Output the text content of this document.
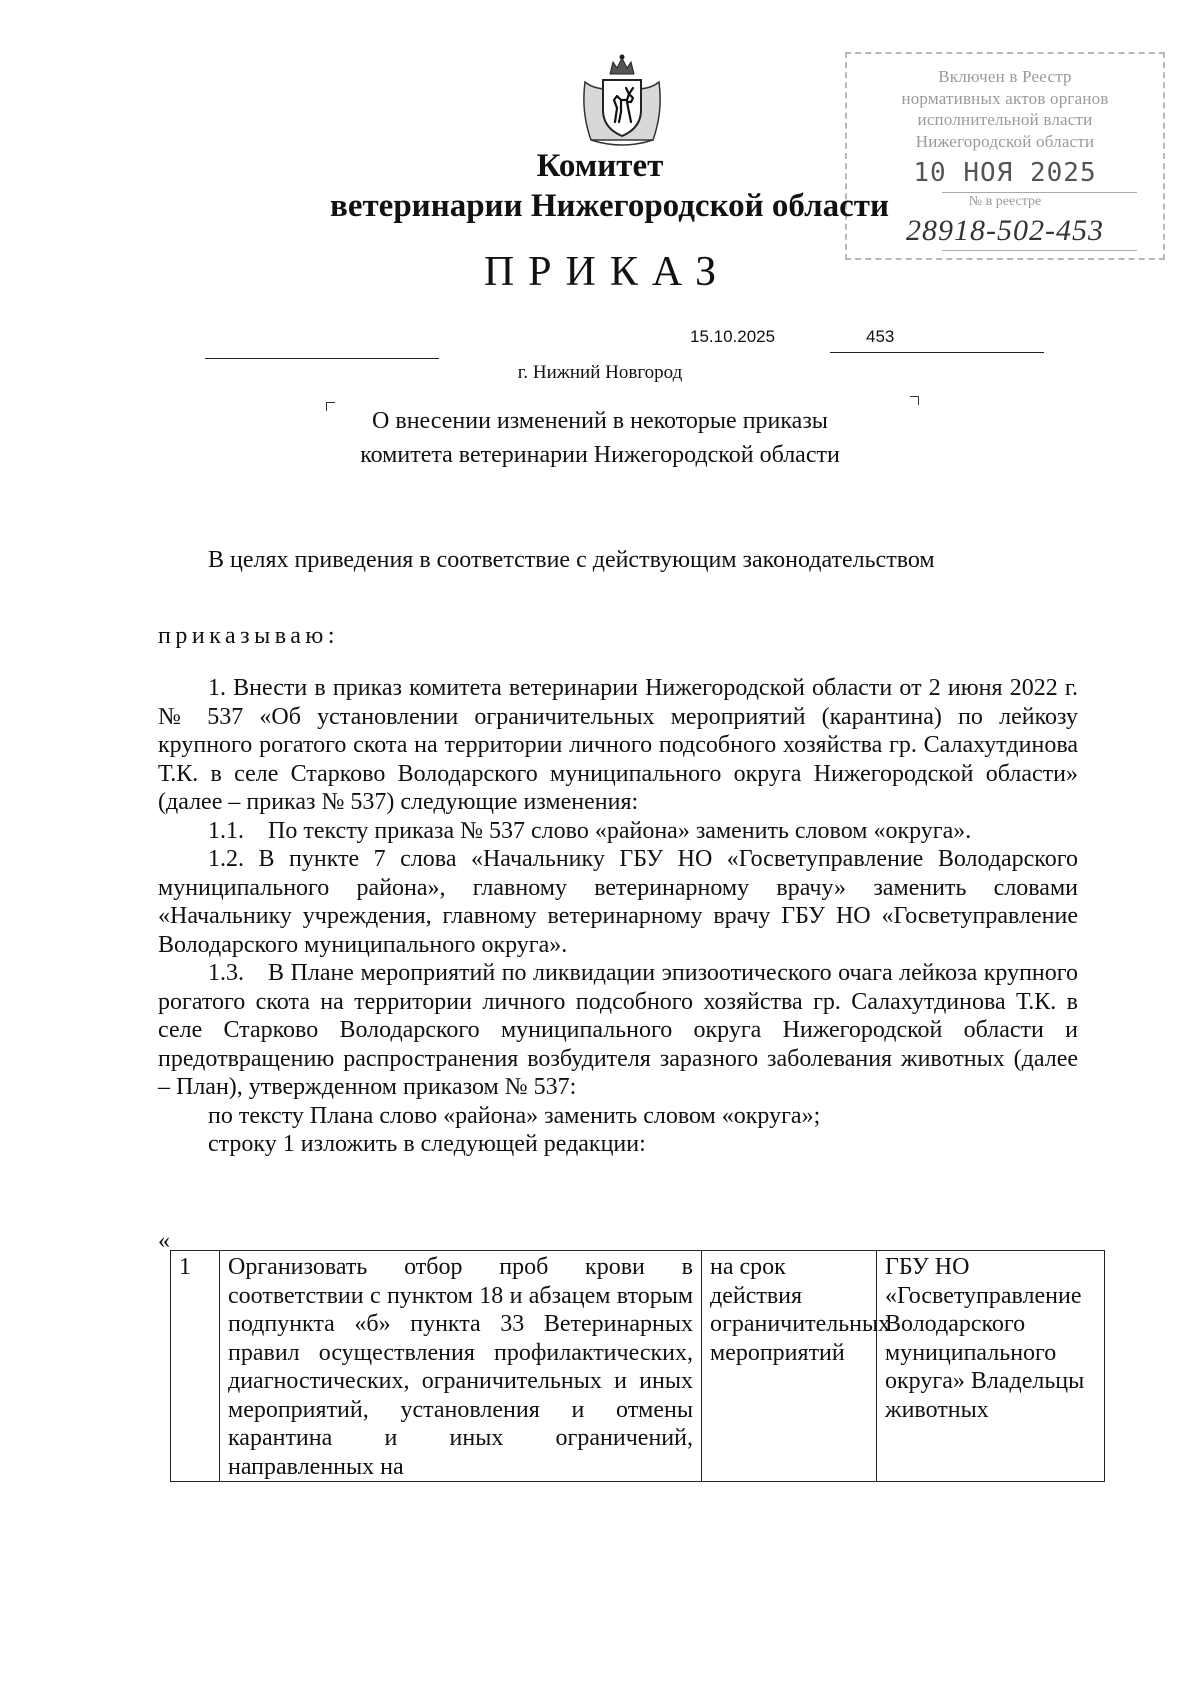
Включен в Реестр
нормативных актов органов
исполнительной власти
Нижегородской области
10 НОЯ 2025
№ в реестре
28918-502-453
Комитет
ветеринарии Нижегородской области
ПРИКАЗ
15.10.2025	453
г. Нижний Новгород
О внесении изменений в некоторые приказы
комитета ветеринарии Нижегородской области
В целях приведения в соответствие с действующим законодательством
приказываю:

1. Внести в приказ комитета ветеринарии Нижегородской области от 2 июня 2022 г. № 537 «Об установлении ограничительных мероприятий (карантина) по лейкозу крупного рогатого скота на территории личного подсобного хозяйства гр. Салахутдинова Т.К. в селе Старково Володарского муниципального округа Нижегородской области» (далее – приказ № 537) следующие изменения:

1.1. По тексту приказа № 537 слово «района» заменить словом «округа».

1.2. В пункте 7 слова «Начальнику ГБУ НО «Госветуправление Володарского муниципального района», главному ветеринарному врачу» заменить словами «Начальнику учреждения, главному ветеринарному врачу ГБУ НО «Госветуправление Володарского муниципального округа».

1.3. В Плане мероприятий по ликвидации эпизоотического очага лейкоза крупного рогатого скота на территории личного подсобного хозяйства гр. Салахутдинова Т.К. в селе Старково Володарского муниципального округа Нижегородской области и предотвращению распространения возбудителя заразного заболевания животных (далее – План), утвержденном приказом № 537:

по тексту Плана слово «района» заменить словом «округа»;

строку 1 изложить в следующей редакции:

«
1	Организовать отбор проб крови в соответствии с пунктом 18 и абзацем вторым подпункта «б» пункта 33 Ветеринарных правил осуществления профилактических, диагностических, ограничительных и иных мероприятий, установления и отмены карантина и иных ограничений, направленных на	на срок действия ограничительных мероприятий	ГБУ НО «Госветуправление Володарского муниципального округа» Владельцы животных
